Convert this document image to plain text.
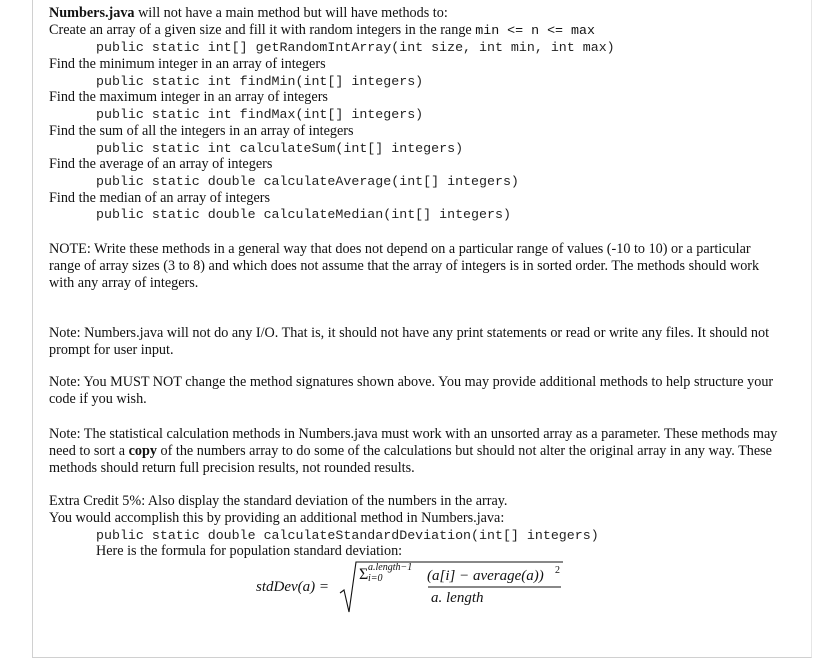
Numbers.java will not have a main method but will have methods to:
Create an array of a given size and fill it with random integers in the range min <= n <= max
public static int[] getRandomIntArray(int size, int min, int max)
Find the minimum integer in an array of integers
public static int findMin(int[] integers)
Find the maximum integer in an array of integers
public static int findMax(int[] integers)
Find the sum of all the integers in an array of integers
public static int calculateSum(int[] integers)
Find the average of an array of integers
public static double calculateAverage(int[] integers)
Find the median of an array of integers
public static double calculateMedian(int[] integers)
NOTE: Write these methods in a general way that does not depend on a particular range of values (-10 to 10) or a particular range of array sizes (3 to 8) and which does not assume that the array of integers is in sorted order. The methods should work with any array of integers.
Note: Numbers.java will not do any I/O. That is, it should not have any print statements or read or write any files. It should not prompt for user input.
Note: You MUST NOT change the method signatures shown above. You may provide additional methods to help structure your code if you wish.
Note: The statistical calculation methods in Numbers.java must work with an unsorted array as a parameter. These methods may need to sort a copy of the numbers array to do some of the calculations but should not alter the original array in any way. These methods should return full precision results, not rounded results.
Extra Credit 5%: Also display the standard deviation of the numbers in the array.
You would accomplish this by providing an additional method in Numbers.java:
public static double calculateStandardDeviation(int[] integers)
Here is the formula for population standard deviation:
stdDev(a) =
Σ a.length−1
i=0	(a[i] − average(a)) 2
a. length
